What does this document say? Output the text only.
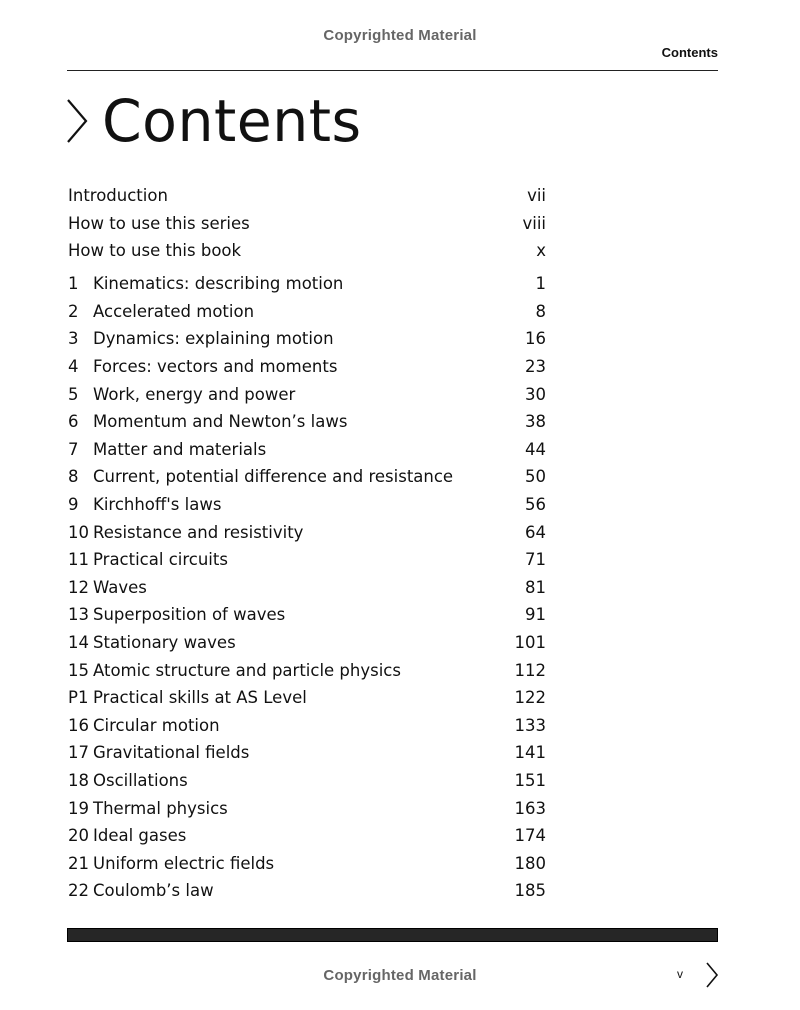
Copyrighted Material
Contents
Contents
Introduction	vii
How to use this series	viii
How to use this book	x
1 Kinematics: describing motion	1
2 Accelerated motion	8
3 Dynamics: explaining motion	16
4 Forces: vectors and moments	23
5 Work, energy and power	30
6 Momentum and Newton’s laws	38
7 Matter and materials	44
8 Current, potential difference and resistance	50
9 Kirchhoff's laws	56
10 Resistance and resistivity	64
11 Practical circuits	71
12 Waves	81
13 Superposition of waves	91
14 Stationary waves	101
15 Atomic structure and particle physics	112
P1 Practical skills at AS Level	122
16 Circular motion	133
17 Gravitational fields	141
18 Oscillations	151
19 Thermal physics	163
20 Ideal gases	174
21 Uniform electric fields	180
22 Coulomb’s law	185
Copyrighted Material	v
